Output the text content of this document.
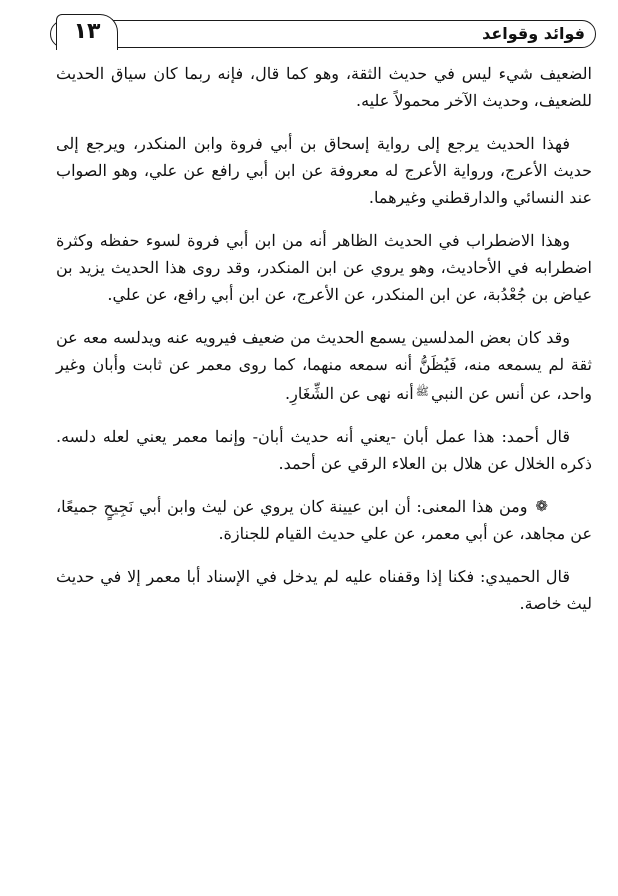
فوائد وقواعد
١٣

الضعيف شيء ليس في حديث الثقة، وهو كما قال، فإنه ربما كان سياق الحديث للضعيف، وحديث الآخر محمولاً عليه.

فهذا الحديث يرجع إلى رواية إسحاق بن أبي فروة وابن المنكدر، ويرجع إلى حديث الأعرج، ورواية الأعرج له معروفة عن ابن أبي رافع عن علي، وهو الصواب عند النسائي والدارقطني وغيرهما.

وهذا الاضطراب في الحديث الظاهر أنه من ابن أبي فروة لسوء حفظه وكثرة اضطرابه في الأحاديث، وهو يروي عن ابن المنكدر، وقد روى هذا الحديث يزيد بن عياض بن جُعْدُبة، عن ابن المنكدر، عن الأعرج، عن ابن أبي رافع، عن علي.

وقد كان بعض المدلسين يسمع الحديث من ضعيف فيرويه عنه ويدلسه معه عن ثقة لم يسمعه منه، فَيُظَنُّ أنه سمعه منهما، كما روى معمر عن ثابت وأبان وغير واحد، عن أنس عن النبي$^ﷺ$أنه نهى عن الشِّغَارِ.

قال أحمد: هذا عمل أبان -يعني أنه حديث أبان- وإنما معمر يعني لعله دلسه. ذكره الخلال عن هلال بن العلاء الرقي عن أحمد.

❁ومن هذا المعنى: أن ابن عيينة كان يروي عن ليث وابن أبي نَجِيحٍ جميعًا، عن مجاهد، عن أبي معمر، عن علي حديث القيام للجنازة.

قال الحميدي: فكنا إذا وقفناه عليه لم يدخل في الإسناد أبا معمر إلا في حديث ليث خاصة.
